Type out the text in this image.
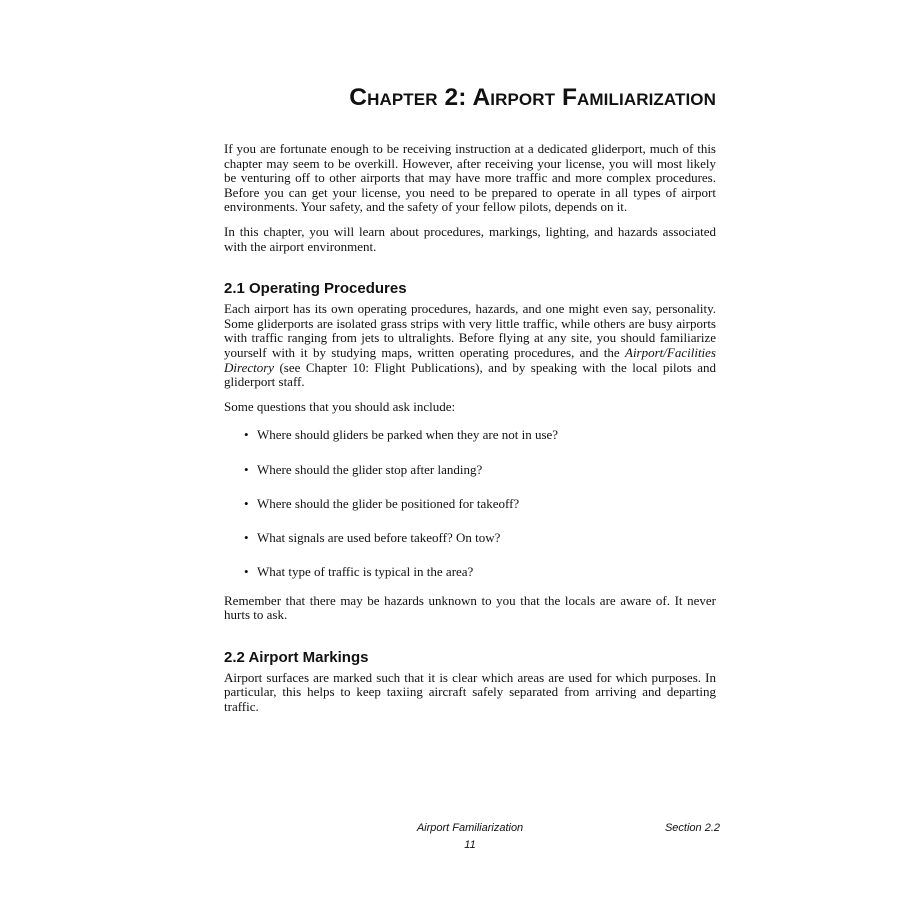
Chapter 2: Airport Familiarization

If you are fortunate enough to be receiving instruction at a dedicated gliderport, much of this chapter may seem to be overkill. However, after receiving your license, you will most likely be venturing off to other airports that may have more traffic and more complex procedures. Before you can get your license, you need to be prepared to operate in all types of airport environments. Your safety, and the safety of your fellow pilots, depends on it.

In this chapter, you will learn about procedures, markings, lighting, and hazards associated with the airport environment.

2.1 Operating Procedures

Each airport has its own operating procedures, hazards, and one might even say, personality. Some gliderports are isolated grass strips with very little traffic, while others are busy airports with traffic ranging from jets to ultralights. Before flying at any site, you should familiarize yourself with it by studying maps, written operating procedures, and the Airport/Facilities Directory (see Chapter 10: Flight Publications), and by speaking with the local pilots and gliderport staff.

Some questions that you should ask include:

• Where should gliders be parked when they are not in use?
• Where should the glider stop after landing?
• Where should the glider be positioned for takeoff?
• What signals are used before takeoff? On tow?
• What type of traffic is typical in the area?

Remember that there may be hazards unknown to you that the locals are aware of. It never hurts to ask.

2.2 Airport Markings

Airport surfaces are marked such that it is clear which areas are used for which purposes. In particular, this helps to keep taxiing aircraft safely separated from arriving and departing traffic.

Airport Familiarization	Section 2.2
11
